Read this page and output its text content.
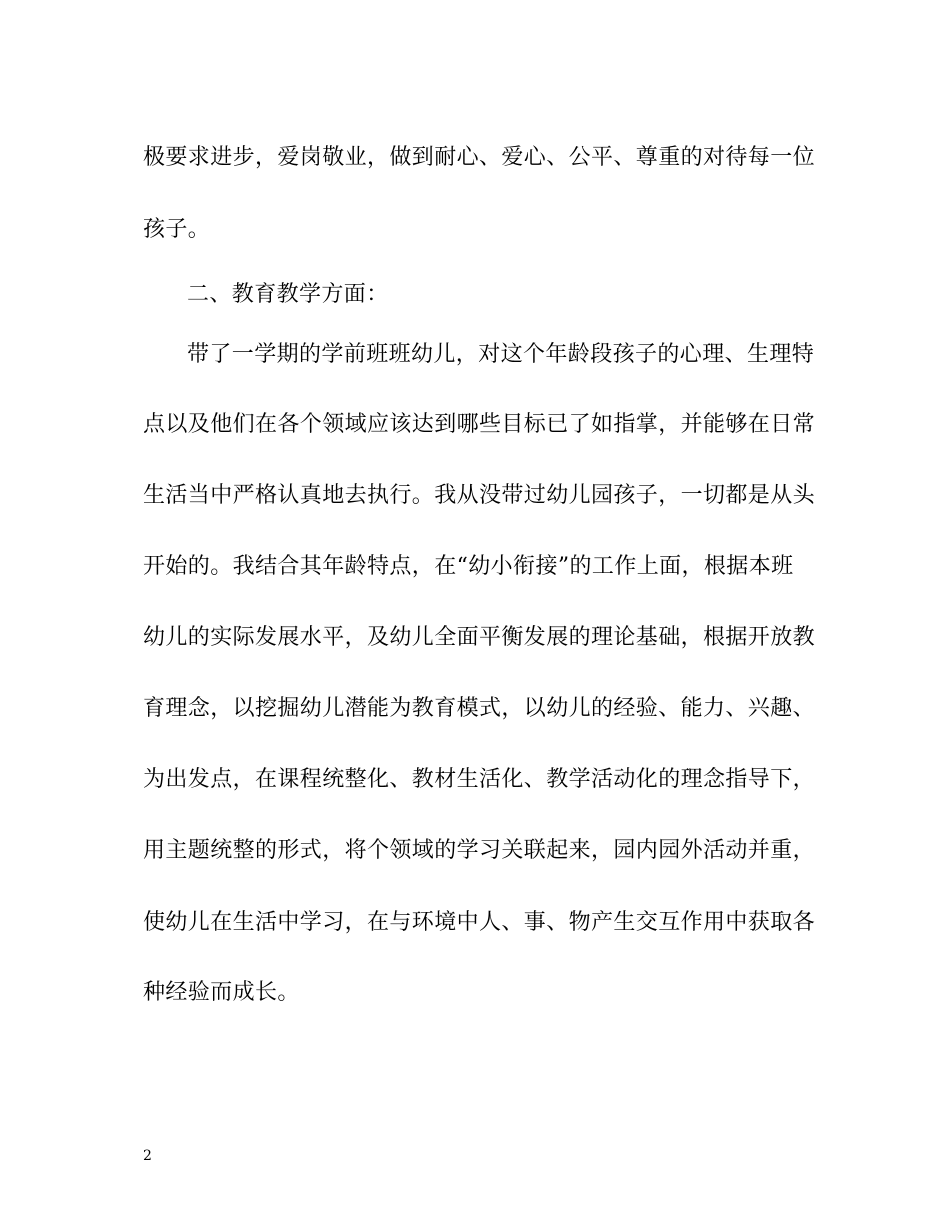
极要求进步，爱岗敬业，做到耐心、爱心、公平、尊重的对待每一位
孩子。
二、教育教学方面：
带了一学期的学前班班幼儿，对这个年龄段孩子的心理、生理特
点以及他们在各个领域应该达到哪些目标已了如指掌，并能够在日常
生活当中严格认真地去执行。我从没带过幼儿园孩子，一切都是从头
开始的。我结合其年龄特点，在“幼小衔接”的工作上面，根据本班
幼儿的实际发展水平，及幼儿全面平衡发展的理论基础，根据开放教
育理念，以挖掘幼儿潜能为教育模式，以幼儿的经验、能力、兴趣、
为出发点，在课程统整化、教材生活化、教学活动化的理念指导下，
用主题统整的形式，将个领域的学习关联起来，园内园外活动并重，
使幼儿在生活中学习，在与环境中人、事、物产生交互作用中获取各
种经验而成长。
2
